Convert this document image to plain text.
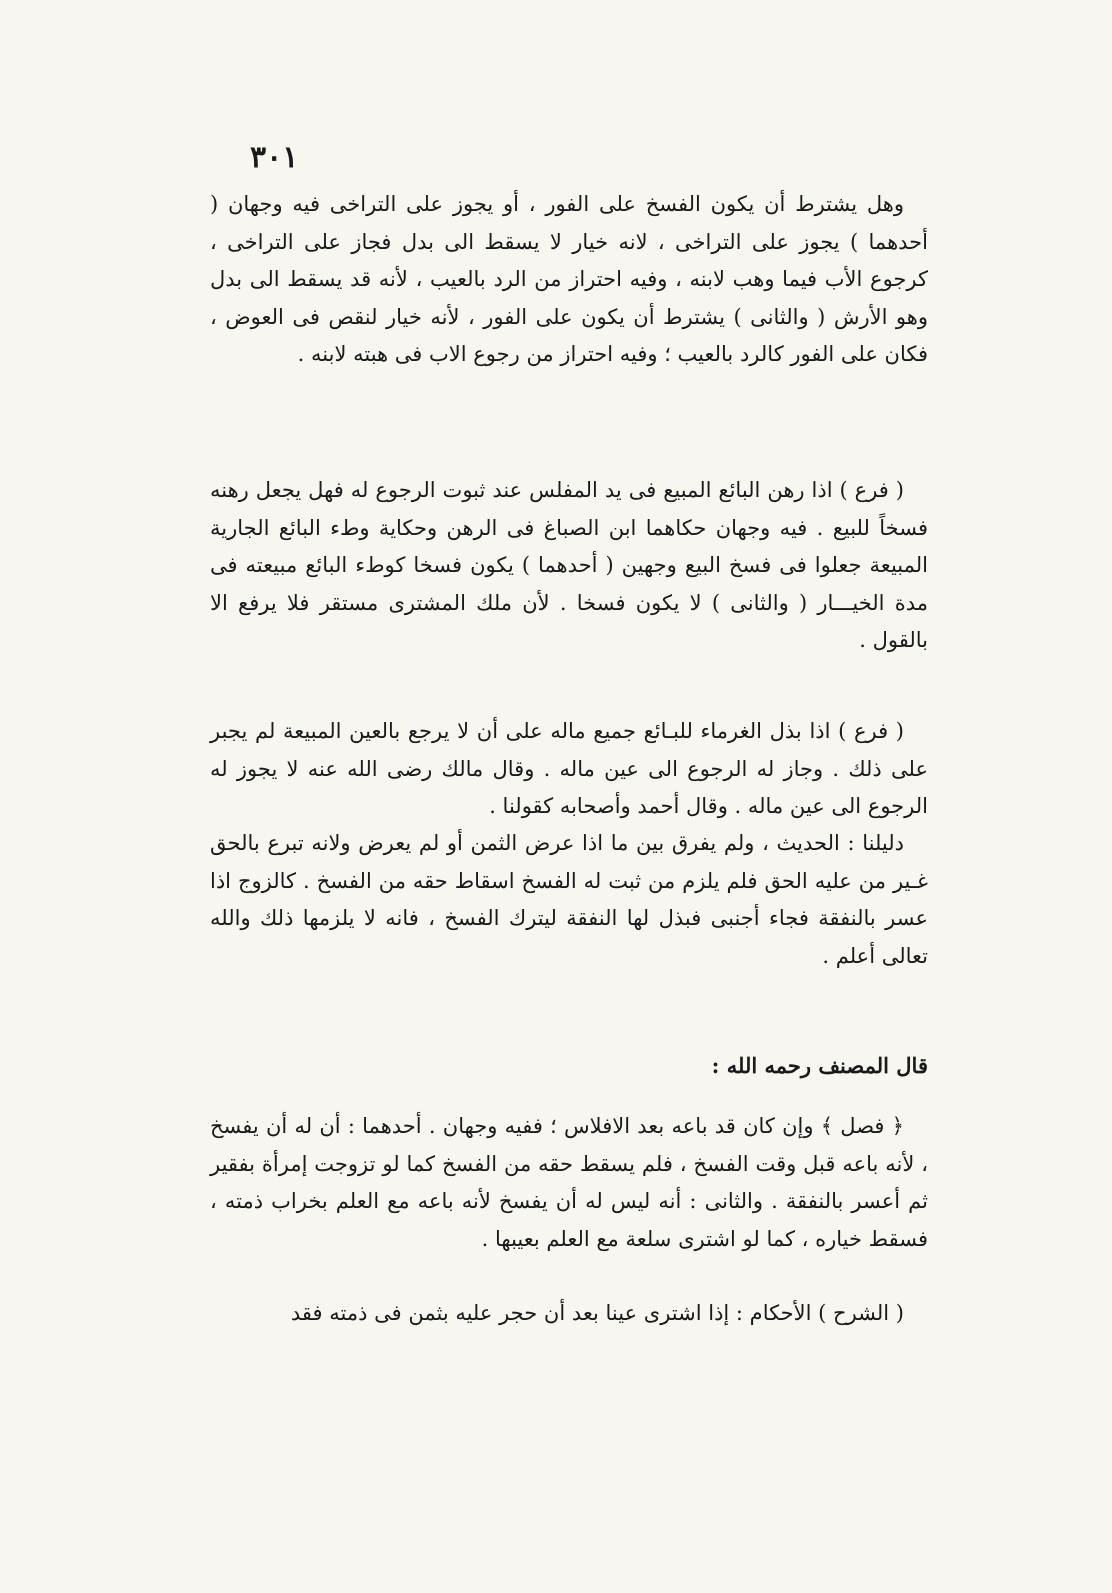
٣٠١

وهل يشترط أن يكون الفسخ على الفور ، أو يجوز على التراخى فيه وجهان ( أحدهما ) يجوز على التراخى ، لانه خيار لا يسقط الى بدل فجاز على التراخى ، كرجوع الأب فيما وهب لابنه ، وفيه احتراز من الرد بالعيب ، لأنه قد يسقط الى بدل وهو الأرش ( والثانى ) يشترط أن يكون على الفور ، لأنه خيار لنقص فى العوض ، فكان على الفور كالرد بالعيب ؛ وفيه احتراز من رجوع الاب فى هبته لابنه .

( فرع ) اذا رهن البائع المبيع فى يد المفلس عند ثبوت الرجوع له فهل يجعل رهنه فسخاً للبيع . فيه وجهان حكاهما ابن الصباغ فى الرهن وحكاية وطء البائع الجارية المبيعة جعلوا فى فسخ البيع وجهين ( أحدهما ) يكون فسخا كوطء البائع مبيعته فى مدة الخيـــار ( والثانى ) لا يكون فسخا . لأن ملك المشترى مستقر فلا يرفع الا بالقول .

( فرع ) اذا بذل الغرماء للبـائع جميع ماله على أن لا يرجع بالعين المبيعة لم يجبر على ذلك . وجاز له الرجوع الى عين ماله . وقال مالك رضى الله عنه لا يجوز له الرجوع الى عين ماله . وقال أحمد وأصحابه كقولنا .

دليلنا : الحديث ، ولم يفرق بين ما اذا عرض الثمن أو لم يعرض ولانه تبرع بالحق غـير من عليه الحق فلم يلزم من ثبت له الفسخ اسقاط حقه من الفسخ . كالزوج اذا عسر بالنفقة فجاء أجنبى فبذل لها النفقة ليترك الفسخ ، فانه لا يلزمها ذلك والله تعالى أعلم .

قال المصنف رحمه الله :

﴿ فصل ﴾ وإن كان قد باعه بعد الافلاس ؛ ففيه وجهان . أحدهما : أن له أن يفسخ ، لأنه باعه قبل وقت الفسخ ، فلم يسقط حقه من الفسخ كما لو تزوجت إمرأة بفقير ثم أعسر بالنفقة . والثانى : أنه ليس له أن يفسخ لأنه باعه مع العلم بخراب ذمته ، فسقط خياره ، كما لو اشترى سلعة مع العلم بعيبها .

( الشرح ) الأحكام : إذا اشترى عينا بعد أن حجر عليه بثمن فى ذمته فقد
